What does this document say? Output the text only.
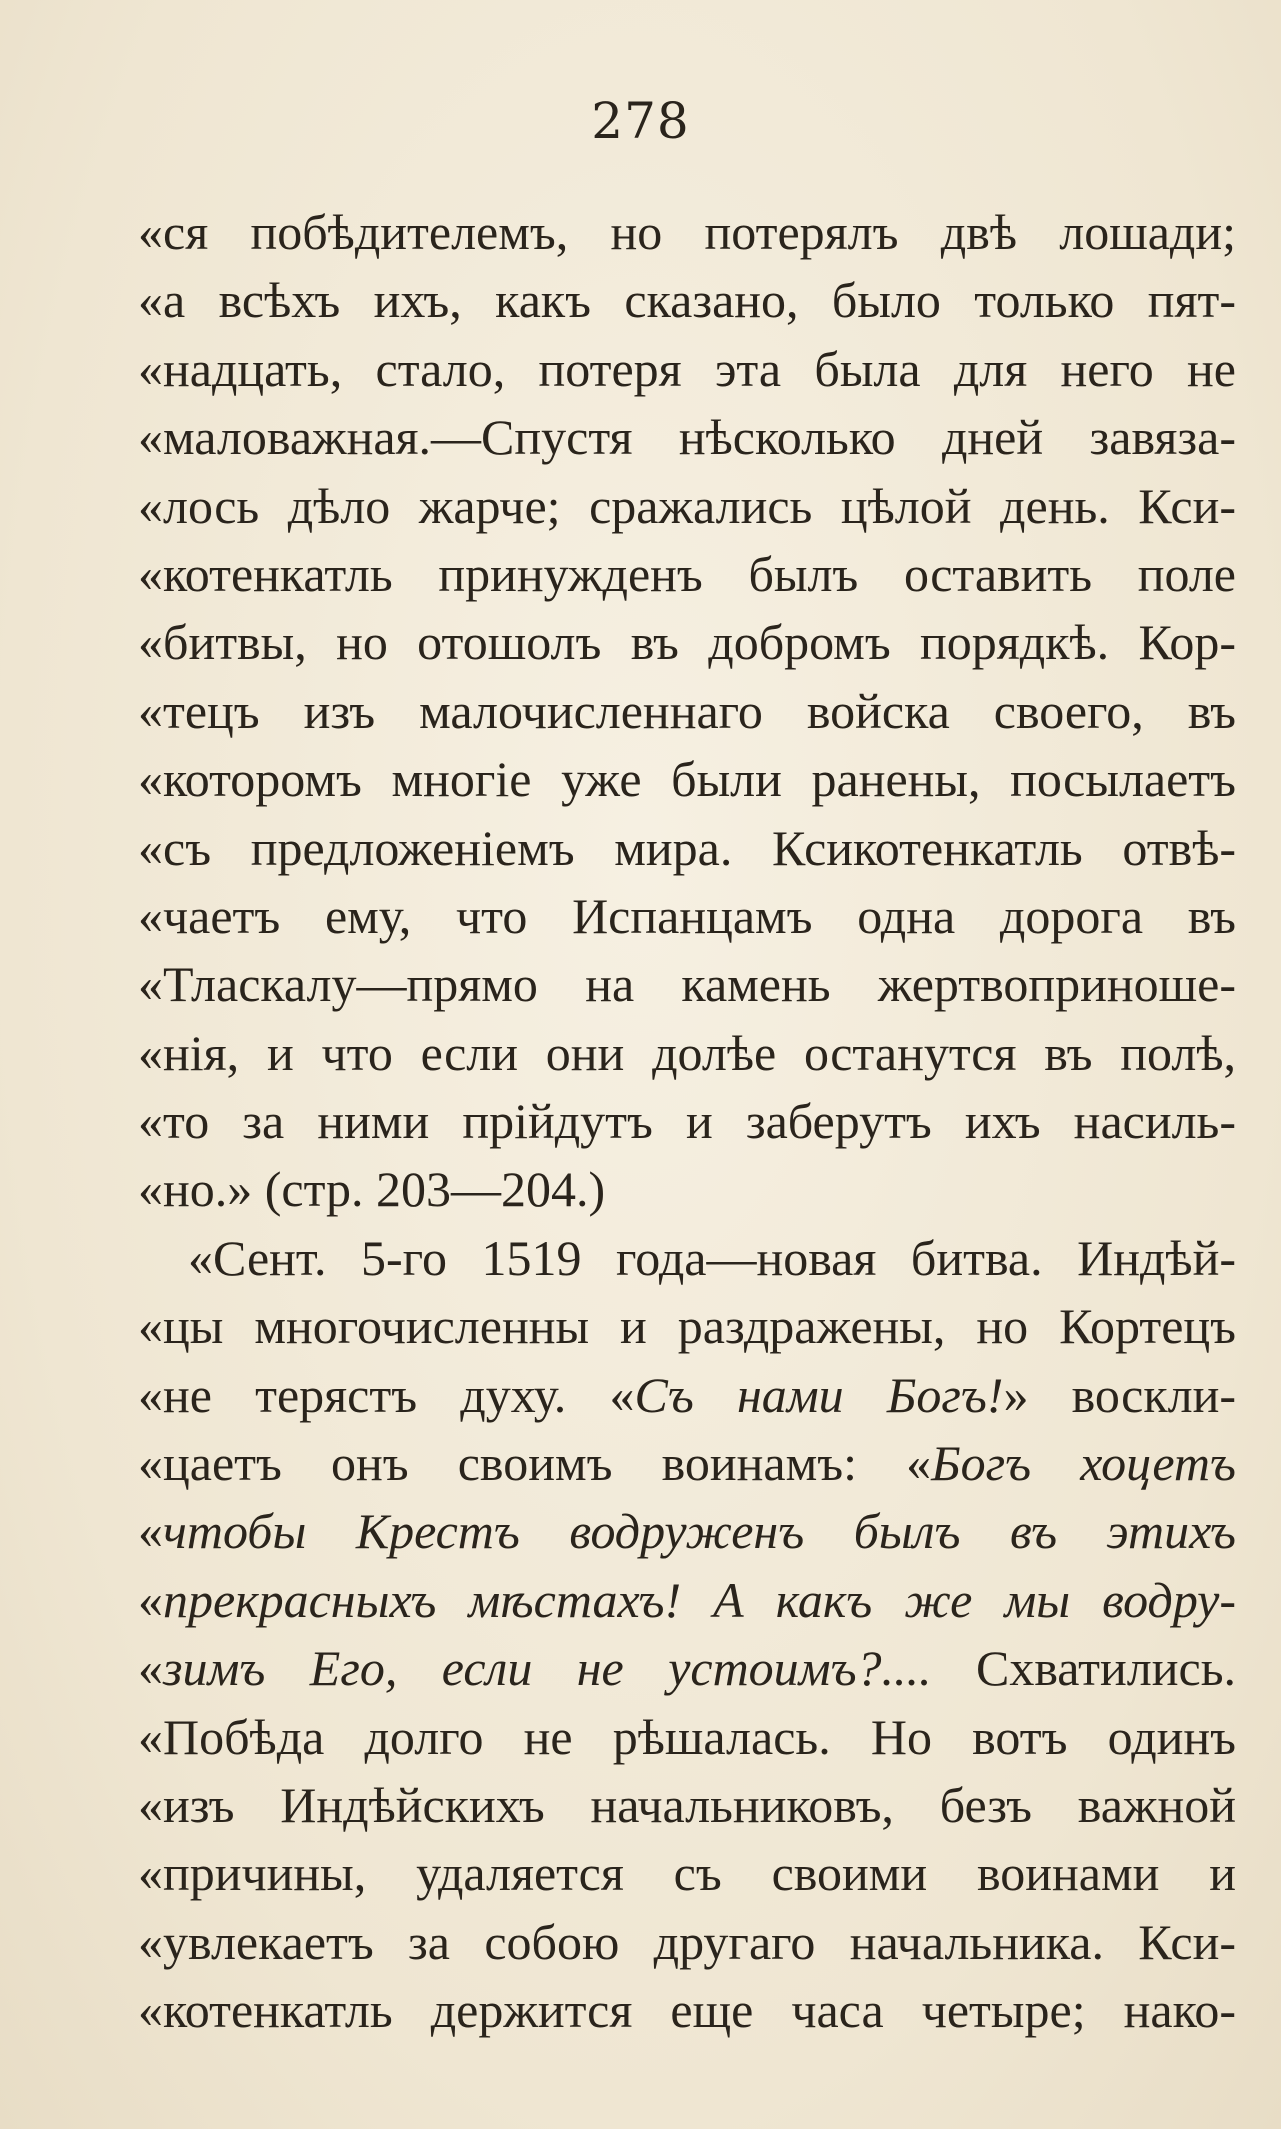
278
«ся побѣдителемъ, но потерялъ двѣ лошади;
«а всѣхъ ихъ, какъ сказано, было только пят-
«надцать, стало, потеря эта была для него не
«маловажная.—Спустя нѣсколько дней завяза-
«лось дѣло жарче; сражались цѣлой день. Кси-
«котенкатль принужденъ былъ оставить поле
«битвы, но отошолъ въ добромъ порядкѣ. Кор-
«тецъ изъ малочисленнаго войска своего, въ
«которомъ многiе уже были ранены, посылаетъ
«съ предложенiемъ мира. Ксикотенкатль отвѣ-
«чаетъ ему, что Испанцамъ одна дорога въ
«Тласкалу—прямо на камень жертвоприноше-
«нiя, и что если они долѣе останутся въ полѣ,
«то за ними прiйдутъ и заберутъ ихъ насиль-
«но.» (стр. 203—204.)
«Сент. 5-го 1519 года—новая битва. Индѣй-
«цы многочисленны и раздражены, но Кортецъ
«не терястъ духу. «Съ нами Богъ!» воскли-
«цаетъ онъ своимъ воинамъ: «Богъ хоцетъ
«чтобы Крестъ водруженъ былъ въ этихъ
«прекрасныхъ мѣстахъ! А какъ же мы водру-
«зимъ Его, если не устоимъ?.... Схватились.
«Побѣда долго не рѣшалась. Но вотъ одинъ
«изъ Индѣйскихъ начальниковъ, безъ важной
«причины, удаляется съ своими воинами и
«увлекаетъ за собою другаго начальника. Кси-
«котенкатль держится еще часа четыре; нако-
